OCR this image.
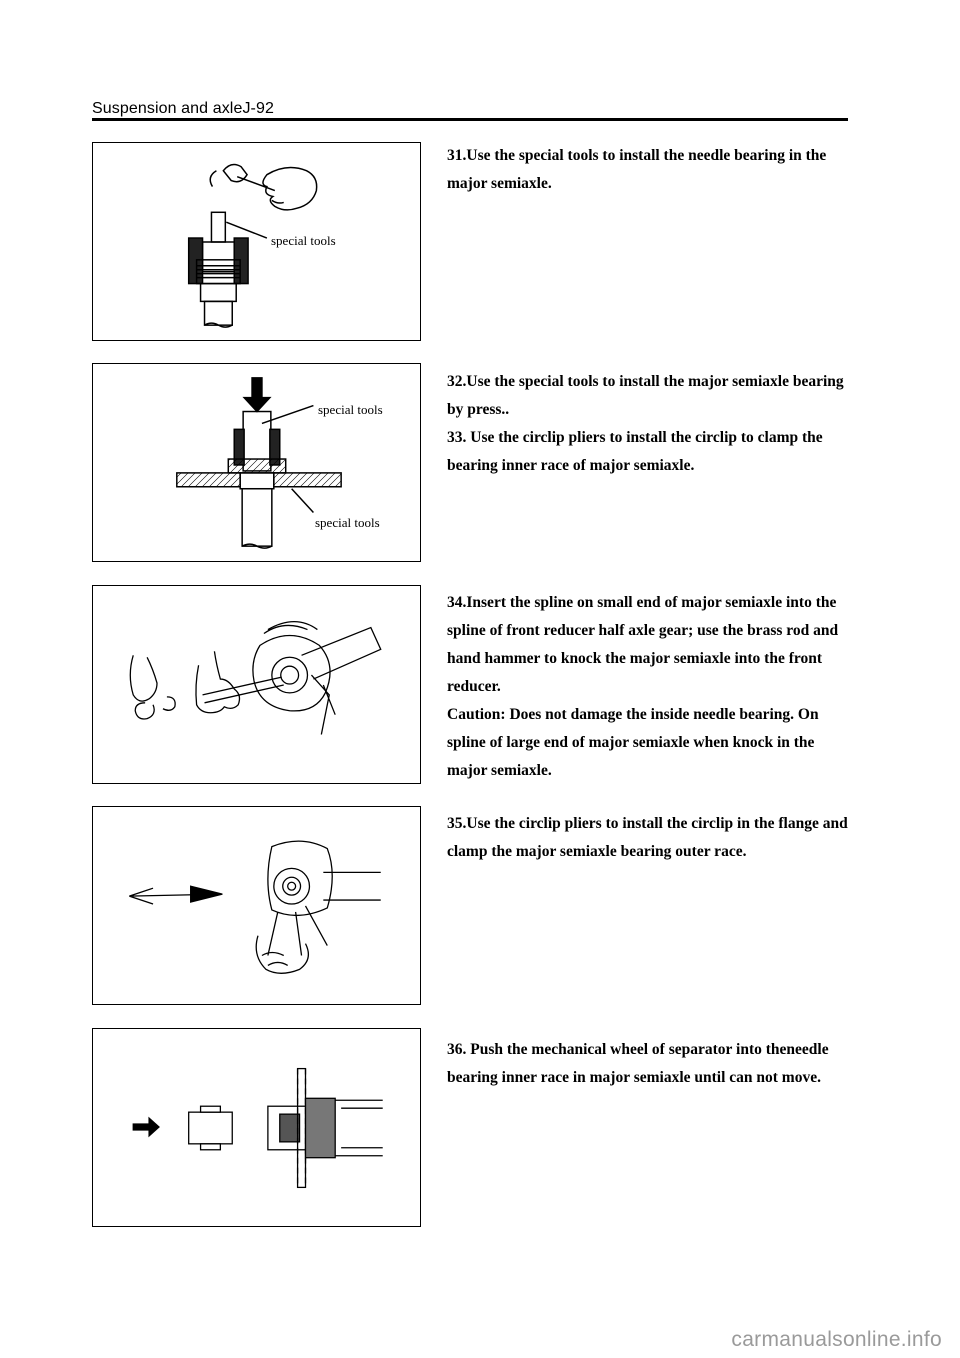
Suspension and axleJ-92
special tools
special tools
special tools

31.Use the special tools to install the needle bearing in the major semiaxle.

32.Use the special tools to install the major semiaxle bearing by press..

33. Use the circlip pliers to install the circlip to clamp the bearing inner race of major semiaxle.

34.Insert the spline on small end of major semiaxle into the spline of front reducer half axle gear; use the brass rod and hand hammer to knock the major semiaxle into the front reducer.

Caution: Does not damage the inside needle bearing. On spline of large end of major semiaxle when knock in the major semiaxle.

35.Use the circlip pliers to install the circlip in the flange and clamp the major semiaxle bearing outer race.

36. Push the mechanical wheel of separator into theneedle bearing inner race in major semiaxle until can not move.

carmanualsonline.info
